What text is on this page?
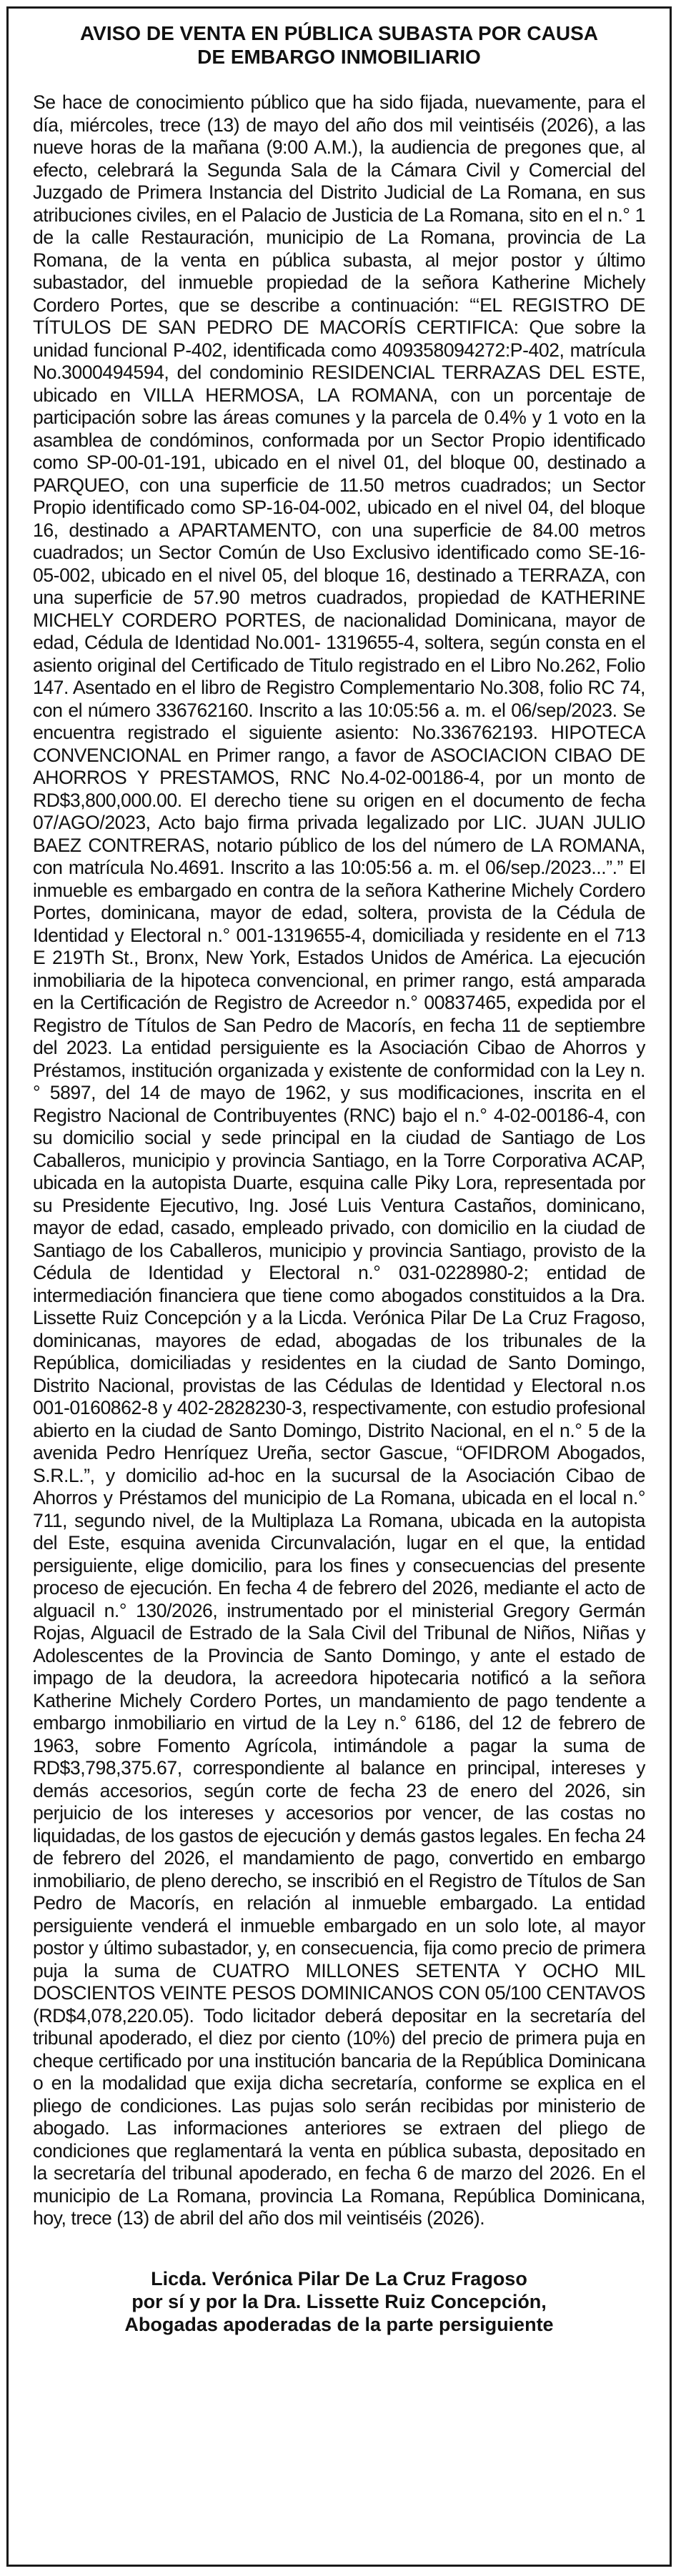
AVISO DE VENTA EN PÚBLICA SUBASTA POR CAUSA
DE EMBARGO INMOBILIARIO

Se hace de conocimiento público que ha sido fijada, nuevamente, para el día, miércoles, trece (13) de mayo del año dos mil veintiséis (2026), a las nueve horas de la mañana (9:00 A.M.), la audiencia de pregones que, al efecto, celebrará la Segunda Sala de la Cámara Civil y Comercial del Juzgado de Primera Instancia del Distrito Judicial de La Romana, en sus atribuciones civiles, en el Palacio de Justicia de La Romana, sito en el n.° 1 de la calle Restauración, municipio de La Romana, provincia de La Romana, de la venta en pública subasta, al mejor postor y último subastador, del inmueble propiedad de la señora Katherine Michely Cordero Portes, que se describe a continuación: “‘EL REGISTRO DE TÍTULOS DE SAN PEDRO DE MACORÍS CERTIFICA: Que sobre la unidad funcional P-402, identificada como 409358094272:P-402, matrícula No.3000494594, del condominio RESIDENCIAL TERRAZAS DEL ESTE, ubicado en VILLA HERMOSA, LA ROMANA, con un porcentaje de participación sobre las áreas comunes y la parcela de 0.4% y 1 voto en la asamblea de condóminos, conformada por un Sector Propio identificado como SP-00-01-191, ubicado en el nivel 01, del bloque 00, destinado a PARQUEO, con una superficie de 11.50 metros cuadrados; un Sector Propio identificado como SP-16-04-002, ubicado en el nivel 04, del bloque 16, destinado a APARTAMENTO, con una superficie de 84.00 metros cuadrados; un Sector Común de Uso Exclusivo identificado como SE-16- 05-002, ubicado en el nivel 05, del bloque 16, destinado a TERRAZA, con una superficie de 57.90 metros cuadrados, propiedad de KATHERINE MICHELY CORDERO PORTES, de nacionalidad Dominicana, mayor de edad, Cédula de Identidad No.001- 1319655-4, soltera, según consta en el asiento original del Certificado de Titulo registrado en el Libro No.262, Folio 147. Asentado en el libro de Registro Complementario No.308, folio RC 74, con el número 336762160. Inscrito a las 10:05:56 a. m. el 06/sep/2023. Se encuentra registrado el siguiente asiento: No.336762193. HIPOTECA CONVENCIONAL en Primer rango, a favor de ASOCIACION CIBAO DE AHORROS Y PRESTAMOS, RNC No.4-02-00186-4, por un monto de RD$3,800,000.00. El derecho tiene su origen en el documento de fecha 07/AGO/2023, Acto bajo firma privada legalizado por LIC. JUAN JULIO BAEZ CONTRERAS, notario público de los del número de LA ROMANA, con matrícula No.4691. Inscrito a las 10:05:56 a. m. el 06/sep./2023...”.” El inmueble es embargado en contra de la señora Katherine Michely Cordero Portes, dominicana, mayor de edad, soltera, provista de la Cédula de Identidad y Electoral n.° 001-1319655-4, domiciliada y residente en el 713 E 219Th St., Bronx, New York, Estados Unidos de América. La ejecución inmobiliaria de la hipoteca convencional, en primer rango, está amparada en la Certificación de Registro de Acreedor n.° 00837465, expedida por el Registro de Títulos de San Pedro de Macorís, en fecha 11 de septiembre del 2023. La entidad persiguiente es la Asociación Cibao de Ahorros y Préstamos, institución organizada y existente de conformidad con la Ley n.° 5897, del 14 de mayo de 1962, y sus modificaciones, inscrita en el Registro Nacional de Contribuyentes (RNC) bajo el n.° 4-02-00186-4, con su domicilio social y sede principal en la ciudad de Santiago de Los Caballeros, municipio y provincia Santiago, en la Torre Corporativa ACAP, ubicada en la autopista Duarte, esquina calle Piky Lora, representada por su Presidente Ejecutivo, Ing. José Luis Ventura Castaños, dominicano, mayor de edad, casado, empleado privado, con domicilio en la ciudad de Santiago de los Caballeros, municipio y provincia Santiago, provisto de la Cédula de Identidad y Electoral n.° 031-0228980-2; entidad de intermediación financiera que tiene como abogados constituidos a la Dra. Lissette Ruiz Concepción y a la Licda. Verónica Pilar De La Cruz Fragoso, dominicanas, mayores de edad, abogadas de los tribunales de la República, domiciliadas y residentes en la ciudad de Santo Domingo, Distrito Nacional, provistas de las Cédulas de Identidad y Electoral n.os 001-0160862-8 y 402-2828230-3, respectivamente, con estudio profesional abierto en la ciudad de Santo Domingo, Distrito Nacional, en el n.° 5 de la avenida Pedro Henríquez Ureña, sector Gascue, “OFIDROM Abogados, S.R.L.”, y domicilio ad-hoc en la sucursal de la Asociación Cibao de Ahorros y Préstamos del municipio de La Romana, ubicada en el local n.° 711, segundo nivel, de la Multiplaza La Romana, ubicada en la autopista del Este, esquina avenida Circunvalación, lugar en el que, la entidad persiguiente, elige domicilio, para los fines y consecuencias del presente proceso de ejecución. En fecha 4 de febrero del 2026, mediante el acto de alguacil n.° 130/2026, instrumentado por el ministerial Gregory Germán Rojas, Alguacil de Estrado de la Sala Civil del Tribunal de Niños, Niñas y Adolescentes de la Provincia de Santo Domingo, y ante el estado de impago de la deudora, la acreedora hipotecaria notificó a la señora Katherine Michely Cordero Portes, un mandamiento de pago tendente a embargo inmobiliario en virtud de la Ley n.° 6186, del 12 de febrero de 1963, sobre Fomento Agrícola, intimándole a pagar la suma de RD$3,798,375.67, correspondiente al balance en principal, intereses y demás accesorios, según corte de fecha 23 de enero del 2026, sin perjuicio de los intereses y accesorios por vencer, de las costas no liquidadas, de los gastos de ejecución y demás gastos legales. En fecha 24 de febrero del 2026, el mandamiento de pago, convertido en embargo inmobiliario, de pleno derecho, se inscribió en el Registro de Títulos de San Pedro de Macorís, en relación al inmueble embargado. La entidad persiguiente venderá el inmueble embargado en un solo lote, al mayor postor y último subastador, y, en consecuencia, fija como precio de primera puja la suma de CUATRO MILLONES SETENTA Y OCHO MIL DOSCIENTOS VEINTE PESOS DOMINICANOS CON 05/100 CENTAVOS (RD$4,078,220.05). Todo licitador deberá depositar en la secretaría del tribunal apoderado, el diez por ciento (10%) del precio de primera puja en cheque certificado por una institución bancaria de la República Dominicana o en la modalidad que exija dicha secretaría, conforme se explica en el pliego de condiciones. Las pujas solo serán recibidas por ministerio de abogado. Las informaciones anteriores se extraen del pliego de condiciones que reglamentará la venta en pública subasta, depositado en la secretaría del tribunal apoderado, en fecha 6 de marzo del 2026. En el municipio de La Romana, provincia La Romana, República Dominicana, hoy, trece (13) de abril del año dos mil veintiséis (2026).

Licda. Verónica Pilar De La Cruz Fragoso
por sí y por la Dra. Lissette Ruiz Concepción,
Abogadas apoderadas de la parte persiguiente
